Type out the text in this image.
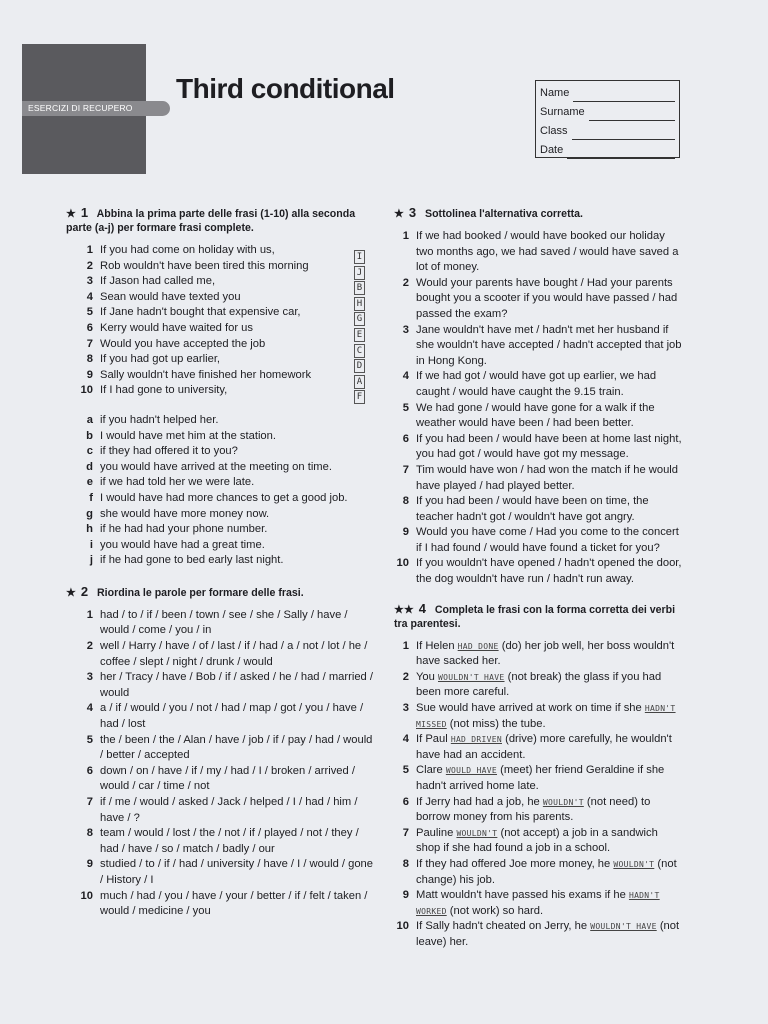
ESERCIZI DI RECUPERO
Third conditional	Name
Surname
Class
Date
★ 1 Abbina la prima parte delle frasi (1-10) alla seconda parte (a-j) per formare frasi complete.
1 If you had come on holiday with us,
2 Rob wouldn't have been tired this morning
3 If Jason had called me,
4 Sean would have texted you
5 If Jane hadn't bought that expensive car,
6 Kerry would have waited for us
7 Would you have accepted the job
8 If you had got up earlier,
9 Sally wouldn't have finished her homework
10 If I had gone to university,
a if you hadn't helped her.
b I would have met him at the station.
c if they had offered it to you?
d you would have arrived at the meeting on time.
e if we had told her we were late.
f I would have had more chances to get a good job.
g she would have more money now.
h if he had had your phone number.
i you would have had a great time.
j if he had gone to bed early last night.
★ 2 Riordina le parole per formare delle frasi.
1 had / to / if / been / town / see / she / Sally / have / would / come / you / in
2 well / Harry / have / of / last / if / had / a / not / lot / he / coffee / slept / night / drunk / would
3 her / Tracy / have / Bob / if / asked / he / had / married / would
4 a / if / would / you / not / had / map / got / you / have / had / lost
5 the / been / the / Alan / have / job / if / pay / had / would / better / accepted
6 down / on / have / if / my / had / I / broken / arrived / would / car / time / not
7 if / me / would / asked / Jack / helped / I / had / him / have / ?
8 team / would / lost / the / not / if / played / not / they / had / have / so / match / badly / our
9 studied / to / if / had / university / have / I / would / gone / History / I
10 much / had / you / have / your / better / if / felt / taken / would / medicine / you
I
J
B
H
G
E
C
D
A
F
★ 3 Sottolinea l'alternativa corretta.
1 If we had booked / would have booked our holiday two months ago, we had saved / would have saved a lot of money.
2 Would your parents have bought / Had your parents bought you a scooter if you would have passed / had passed the exam?
3 Jane wouldn't have met / hadn't met her husband if she wouldn't have accepted / hadn't accepted that job in Hong Kong.
4 If we had got / would have got up earlier, we had caught / would have caught the 9.15 train.
5 We had gone / would have gone for a walk if the weather would have been / had been better.
6 If you had been / would have been at home last night, you had got / would have got my message.
7 Tim would have won / had won the match if he would have played / had played better.
8 If you had been / would have been on time, the teacher hadn't got / wouldn't have got angry.
9 Would you have come / Had you come to the concert if I had found / would have found a ticket for you?
10 If you wouldn't have opened / hadn't opened the door, the dog wouldn't have run / hadn't run away.
★★ 4 Completa le frasi con la forma corretta dei verbi tra parentesi.
1 If Helen HAD DONE (do) her job well, her boss wouldn't have sacked her.
2 You WOULDN'T HAVE (not break) the glass if you had been more careful.
3 Sue would have arrived at work on time if she HADN'T MISSED (not miss) the tube.
4 If Paul HAD DRIVEN (drive) more carefully, he wouldn't have had an accident.
5 Clare WOULD HAVE (meet) her friend Geraldine if she hadn't arrived home late.
6 If Jerry had had a job, he WOULDN'T (not need) to borrow money from his parents.
7 Pauline WOULDN'T (not accept) a job in a sandwich shop if she had found a job in a school.
8 If they had offered Joe more money, he WOULDN'T (not change) his job.
9 Matt wouldn't have passed his exams if he HADN'T WORKED (not work) so hard.
10 If Sally hadn't cheated on Jerry, he WOULDN'T HAVE (not leave) her.
